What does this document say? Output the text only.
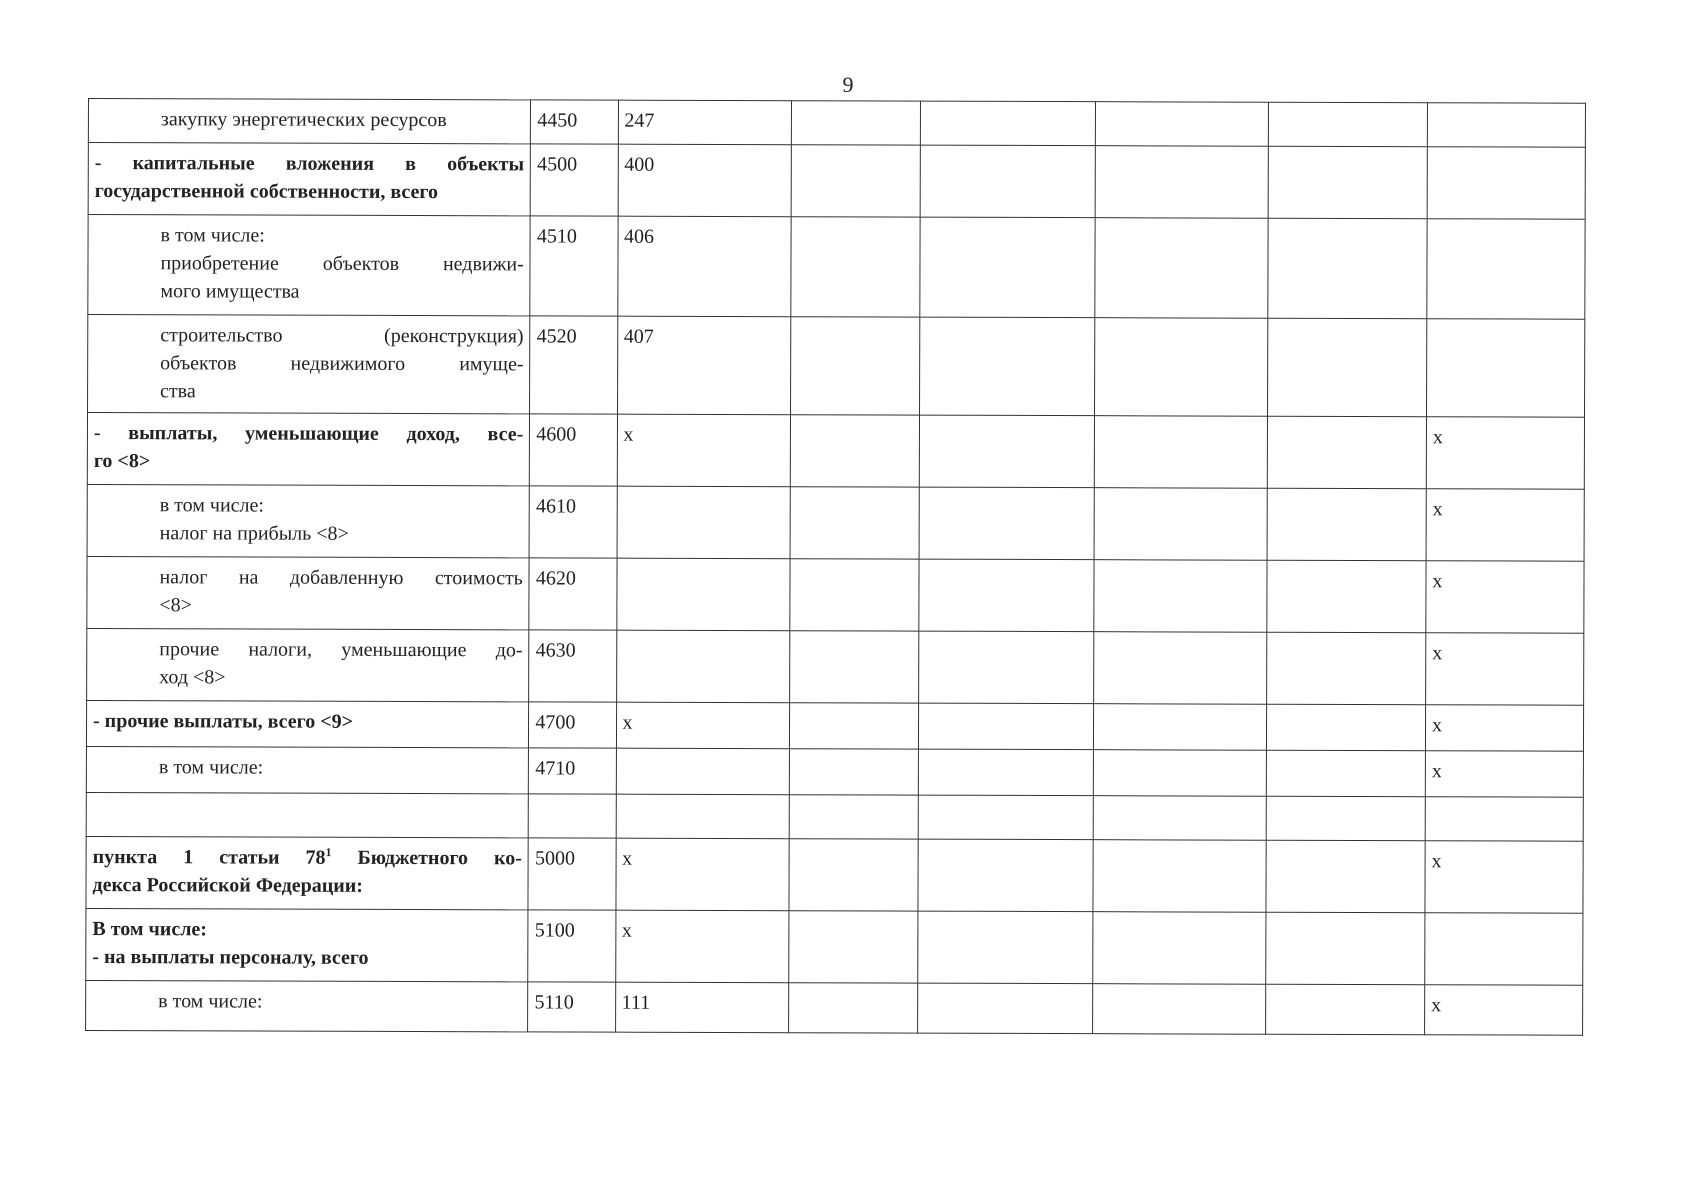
9
закупку энергетических ресурсов	4450	247					

- капитальные вложения в объекты
государственной собственности, всего	4500	400					

в том числе:
приобретение объектов недвижи-
мого имущества	4510	406					

строительство (реконструкция)
объектов недвижимого имуще-
ства	4520	407					

- выплаты, уменьшающие доход, все-
го <8>	4600	x					x

в том числе:
налог на прибыль <8>	4610						x

налог на добавленную стоимость
<8>	4620						x

прочие налоги, уменьшающие до-
ход <8>	4630						x

- прочие выплаты, всего <9>	4700	x					x

в том числе:	4710						x

пункта 1 статьи $78^1$ Бюджетного ко-
декса Российской Федерации:	5000	x					x

В том числе:
- на выплаты персоналу, всего	5100	x					

в том числе:	5110	111					x
